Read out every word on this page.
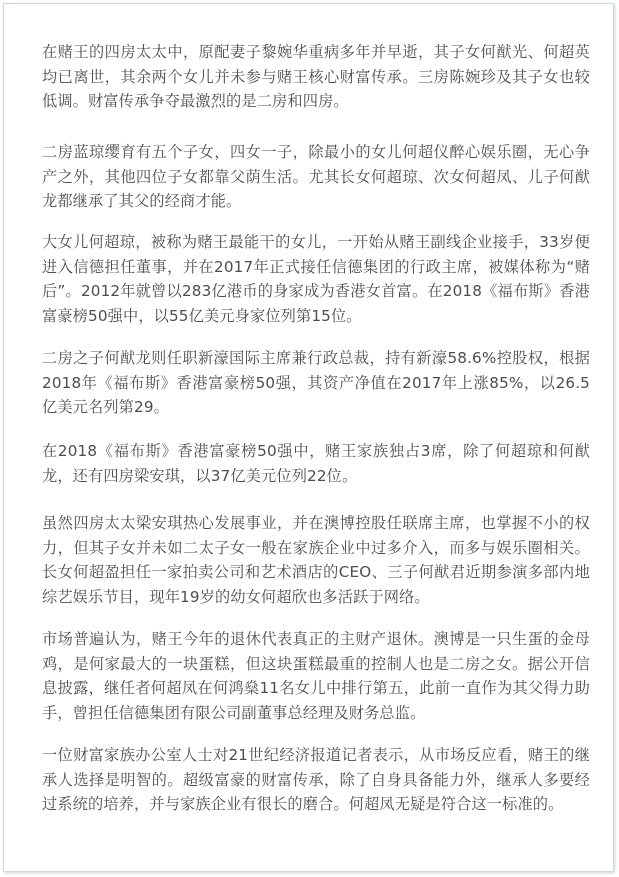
在赌王的四房太太中，原配妻子黎婉华重病多年并早逝，其子女何猷光、何超英均已离世，其余两个女儿并未参与赌王核心财富传承。三房陈婉珍及其子女也较低调。财富传承争夺最激烈的是二房和四房。

二房蓝琼缨育有五个子女，四女一子，除最小的女儿何超仪醉心娱乐圈，无心争产之外，其他四位子女都靠父荫生活。尤其长女何超琼、次女何超凤、儿子何猷龙都继承了其父的经商才能。

大女儿何超琼，被称为赌王最能干的女儿，一开始从赌王副线企业接手，33岁便进入信德担任董事，并在2017年正式接任信德集团的行政主席，被媒体称为“赌后”。2012年就曾以283亿港币的身家成为香港女首富。在2018《福布斯》香港富豪榜50强中，以55亿美元身家位列第15位。

二房之子何猷龙则任职新濠国际主席兼行政总裁，持有新濠58.6%控股权，根据2018年《福布斯》香港富豪榜50强，其资产净值在2017年上涨85%，以26.5亿美元名列第29。

在2018《福布斯》香港富豪榜50强中，赌王家族独占3席，除了何超琼和何猷龙，还有四房梁安琪，以37亿美元位列22位。

虽然四房太太梁安琪热心发展事业，并在澳博控股任联席主席，也掌握不小的权力，但其子女并未如二太子女一般在家族企业中过多介入，而多与娱乐圈相关。长女何超盈担任一家拍卖公司和艺术酒店的CEO、三子何猷君近期参演多部内地综艺娱乐节目，现年19岁的幼女何超欣也多活跃于网络。

市场普遍认为，赌王今年的退休代表真正的主财产退休。澳博是一只生蛋的金母鸡，是何家最大的一块蛋糕，但这块蛋糕最重的控制人也是二房之女。据公开信息披露，继任者何超凤在何鸿燊11名女儿中排行第五，此前一直作为其父得力助手，曾担任信德集团有限公司副董事总经理及财务总监。

一位财富家族办公室人士对21世纪经济报道记者表示，从市场反应看，赌王的继承人选择是明智的。超级富豪的财富传承，除了自身具备能力外，继承人多要经过系统的培养，并与家族企业有很长的磨合。何超凤无疑是符合这一标准的。
